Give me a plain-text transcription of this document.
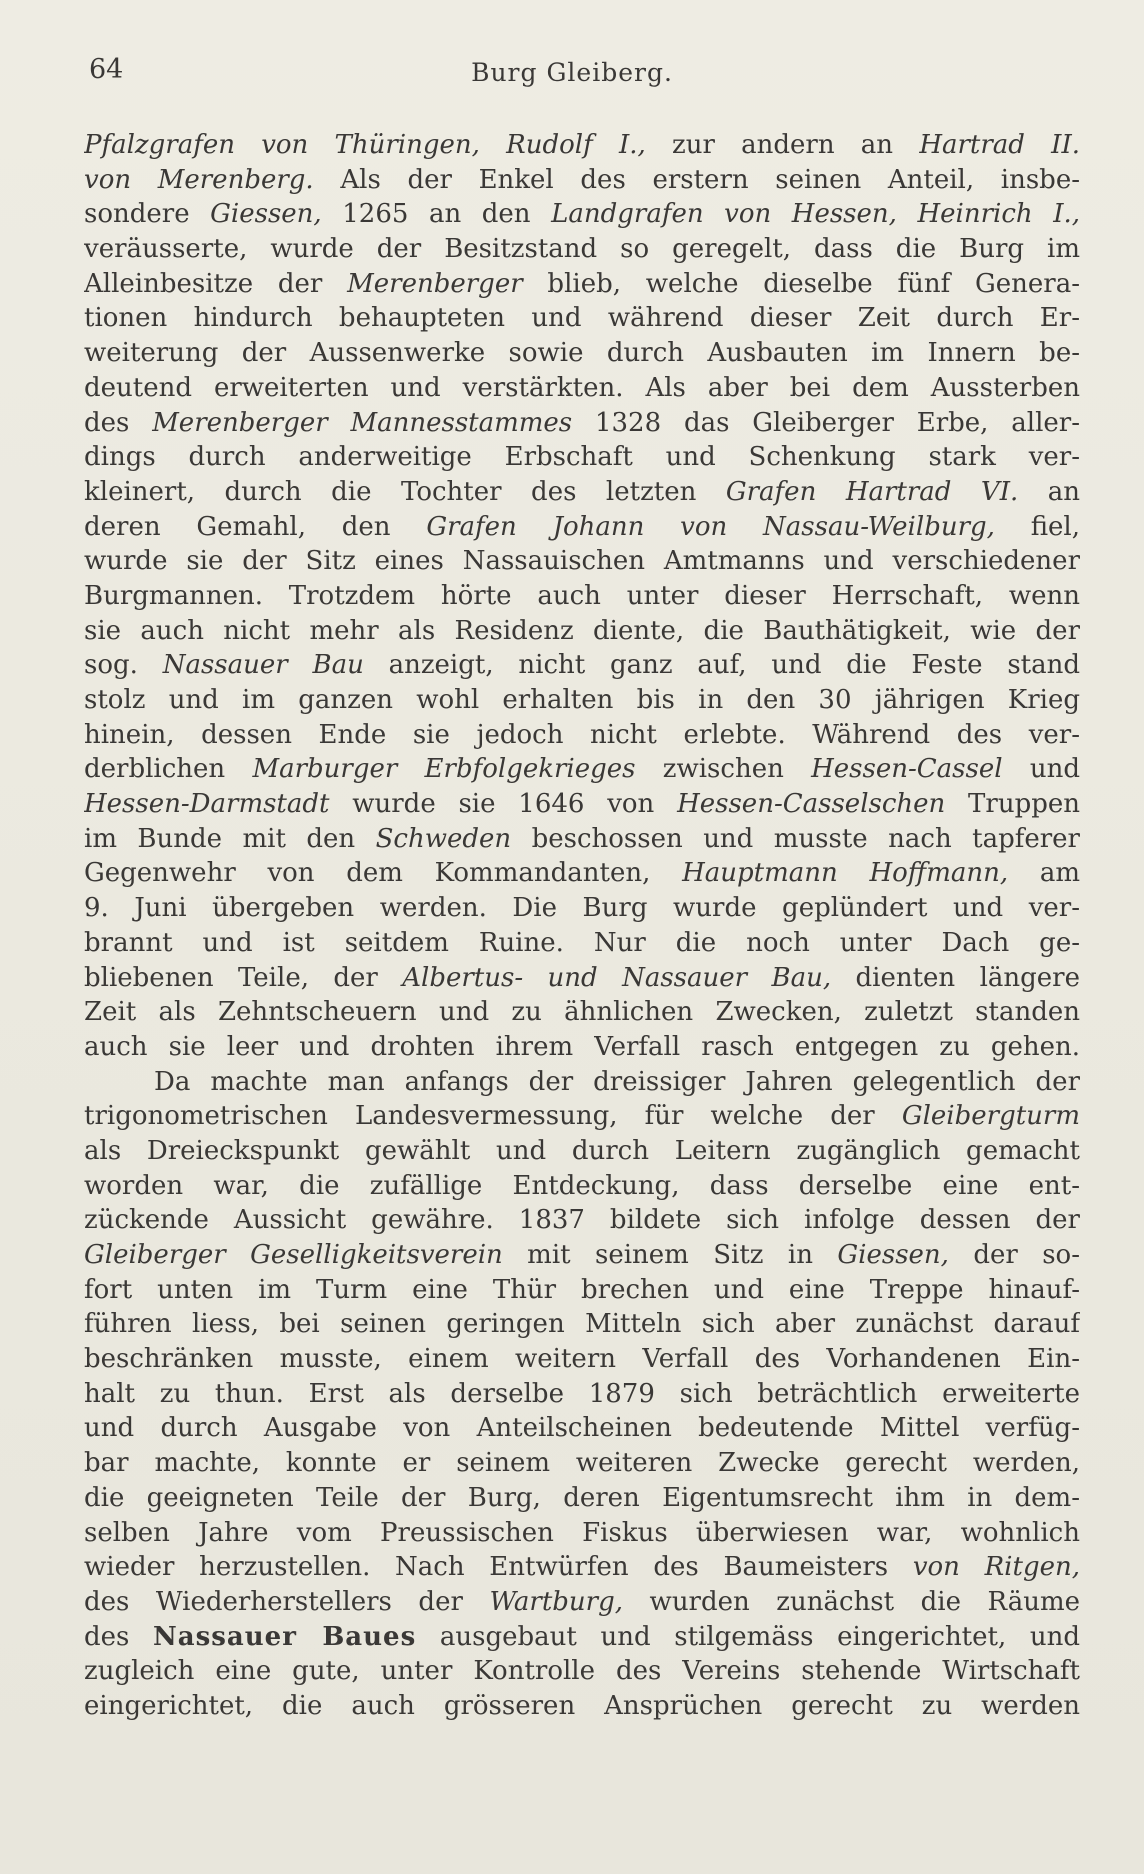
64	Burg Gleiberg.
Pfalzgrafen von Thüringen, Rudolf I., zur andern an Hartrad II.
von Merenberg. Als der Enkel des erstern seinen Anteil, insbe-
sondere Giessen, 1265 an den Landgrafen von Hessen, Heinrich I.,
veräusserte, wurde der Besitzstand so geregelt, dass die Burg im
Alleinbesitze der Merenberger blieb, welche dieselbe fünf Genera-
tionen hindurch behaupteten und während dieser Zeit durch Er-
weiterung der Aussenwerke sowie durch Ausbauten im Innern be-
deutend erweiterten und verstärkten. Als aber bei dem Aussterben
des Merenberger Mannesstammes 1328 das Gleiberger Erbe, aller-
dings durch anderweitige Erbschaft und Schenkung stark ver-
kleinert, durch die Tochter des letzten Grafen Hartrad VI. an
deren Gemahl, den Grafen Johann von Nassau-Weilburg, fiel,
wurde sie der Sitz eines Nassauischen Amtmanns und verschiedener
Burgmannen. Trotzdem hörte auch unter dieser Herrschaft, wenn
sie auch nicht mehr als Residenz diente, die Bauthätigkeit, wie der
sog. Nassauer Bau anzeigt, nicht ganz auf, und die Feste stand
stolz und im ganzen wohl erhalten bis in den 30 jährigen Krieg
hinein, dessen Ende sie jedoch nicht erlebte. Während des ver-
derblichen Marburger Erbfolgekrieges zwischen Hessen-Cassel und
Hessen-Darmstadt wurde sie 1646 von Hessen-Casselschen Truppen
im Bunde mit den Schweden beschossen und musste nach tapferer
Gegenwehr von dem Kommandanten, Hauptmann Hoffmann, am
9. Juni übergeben werden. Die Burg wurde geplündert und ver-
brannt und ist seitdem Ruine. Nur die noch unter Dach ge-
bliebenen Teile, der Albertus- und Nassauer Bau, dienten längere
Zeit als Zehntscheuern und zu ähnlichen Zwecken, zuletzt standen
auch sie leer und drohten ihrem Verfall rasch entgegen zu gehen.
Da machte man anfangs der dreissiger Jahren gelegentlich der
trigonometrischen Landesvermessung, für welche der Gleibergturm
als Dreieckspunkt gewählt und durch Leitern zugänglich gemacht
worden war, die zufällige Entdeckung, dass derselbe eine ent-
zückende Aussicht gewähre. 1837 bildete sich infolge dessen der
Gleiberger Geselligkeitsverein mit seinem Sitz in Giessen, der so-
fort unten im Turm eine Thür brechen und eine Treppe hinauf-
führen liess, bei seinen geringen Mitteln sich aber zunächst darauf
beschränken musste, einem weitern Verfall des Vorhandenen Ein-
halt zu thun. Erst als derselbe 1879 sich beträchtlich erweiterte
und durch Ausgabe von Anteilscheinen bedeutende Mittel verfüg-
bar machte, konnte er seinem weiteren Zwecke gerecht werden,
die geeigneten Teile der Burg, deren Eigentumsrecht ihm in dem-
selben Jahre vom Preussischen Fiskus überwiesen war, wohnlich
wieder herzustellen. Nach Entwürfen des Baumeisters von Ritgen,
des Wiederherstellers der Wartburg, wurden zunächst die Räume
des Nassauer Baues ausgebaut und stilgemäss eingerichtet, und
zugleich eine gute, unter Kontrolle des Vereins stehende Wirtschaft
eingerichtet, die auch grösseren Ansprüchen gerecht zu werden
